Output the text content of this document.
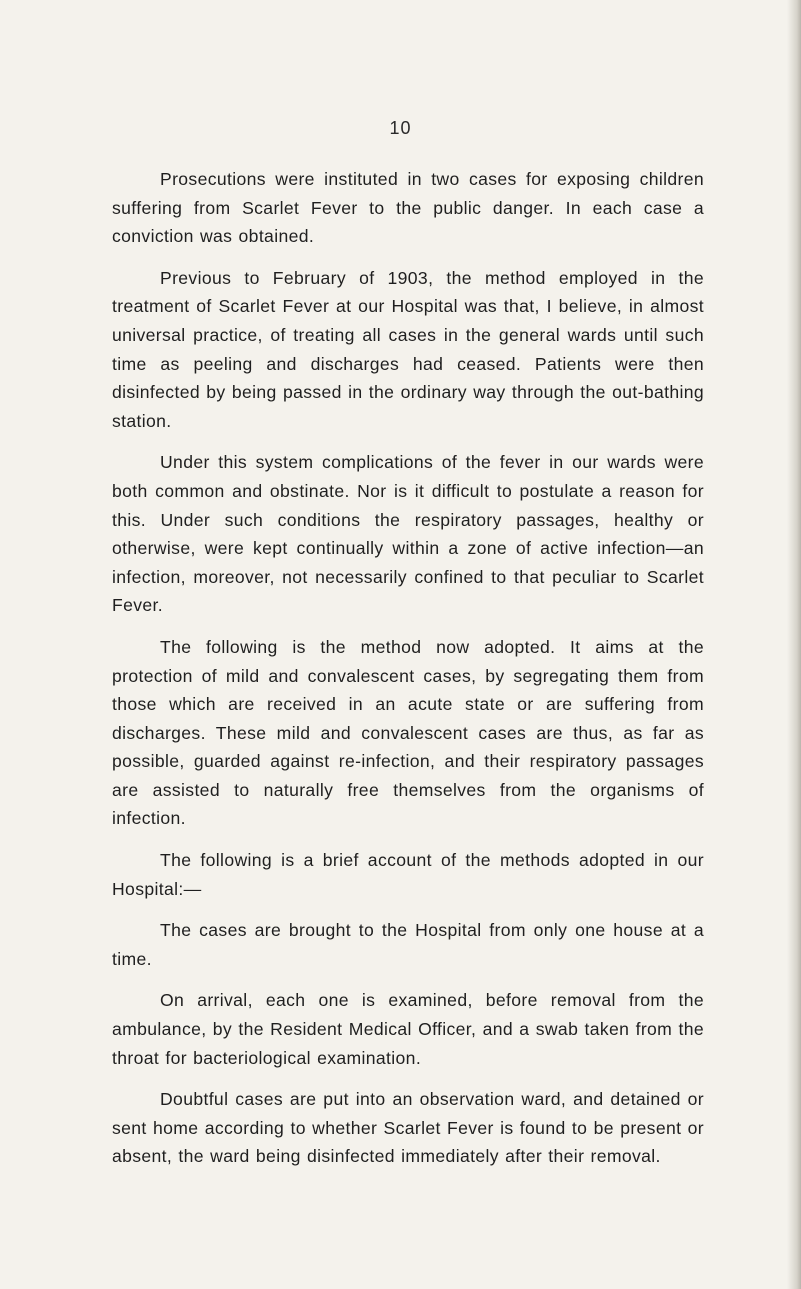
10

Prosecutions were instituted in two cases for exposing children suffering from Scarlet Fever to the public danger. In each case a conviction was obtained.

Previous to February of 1903, the method employed in the treatment of Scarlet Fever at our Hospital was that, I believe, in almost universal practice, of treating all cases in the general wards until such time as peeling and discharges had ceased. Patients were then disinfected by being passed in the ordinary way through the out-bathing station.

Under this system complications of the fever in our wards were both common and obstinate. Nor is it difficult to postulate a reason for this. Under such conditions the respiratory passages, healthy or otherwise, were kept continually within a zone of active infection—an infection, moreover, not necessarily confined to that peculiar to Scarlet Fever.

The following is the method now adopted. It aims at the protection of mild and convalescent cases, by segregating them from those which are received in an acute state or are suffering from discharges. These mild and convalescent cases are thus, as far as possible, guarded against re-infection, and their respiratory passages are assisted to naturally free themselves from the organisms of infection.

The following is a brief account of the methods adopted in our Hospital:—

The cases are brought to the Hospital from only one house at a time.

On arrival, each one is examined, before removal from the ambulance, by the Resident Medical Officer, and a swab taken from the throat for bacteriological examination.

Doubtful cases are put into an observation ward, and detained or sent home according to whether Scarlet Fever is found to be present or absent, the ward being disinfected immediately after their removal.
